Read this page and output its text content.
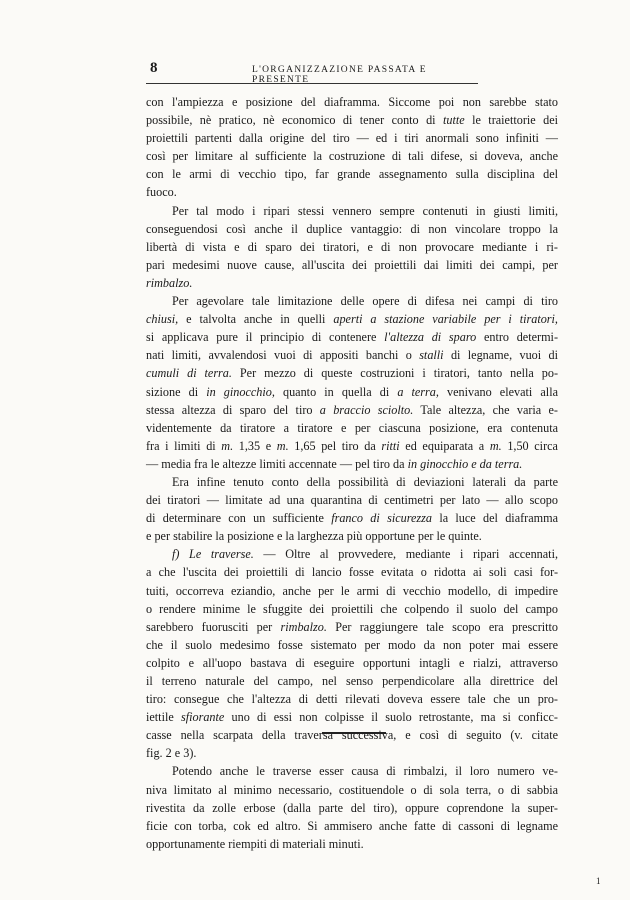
8	L'ORGANIZZAZIONE PASSATA E PRESENTE
con l'ampiezza e posizione del diaframma. Siccome poi non sarebbe stato
possibile, nè pratico, nè economico di tener conto di tutte le traiettorie dei
proiettili partenti dalla origine del tiro — ed i tiri anormali sono infiniti —
così per limitare al sufficiente la costruzione di tali difese, si doveva, anche
con le armi di vecchio tipo, far grande assegnamento sulla disciplina del
fuoco.
Per tal modo i ripari stessi vennero sempre contenuti in giusti limiti,
conseguendosi così anche il duplice vantaggio: di non vincolare troppo la
libertà di vista e di sparo dei tiratori, e di non provocare mediante i ri-
pari medesimi nuove cause, all'uscita dei proiettili dai limiti dei campi, per
rimbalzo.
Per agevolare tale limitazione delle opere di difesa nei campi di tiro
chiusi, e talvolta anche in quelli aperti a stazione variabile per i tiratori,
si applicava pure il principio di contenere l'altezza di sparo entro determi-
nati limiti, avvalendosi vuoi di appositi banchi o stalli di legname, vuoi di
cumuli di terra. Per mezzo di queste costruzioni i tiratori, tanto nella po-
sizione di in ginocchio, quanto in quella di a terra, venivano elevati alla
stessa altezza di sparo del tiro a braccio sciolto. Tale altezza, che varia e-
videntemente da tiratore a tiratore e per ciascuna posizione, era contenuta
fra i limiti di m. 1,35 e m. 1,65 pel tiro da ritti ed equiparata a m. 1,50 circa
— media fra le altezze limiti accennate — pel tiro da in ginocchio e da terra.
Era infine tenuto conto della possibilità di deviazioni laterali da parte
dei tiratori — limitate ad una quarantina di centimetri per lato — allo scopo
di determinare con un sufficiente franco di sicurezza la luce del diaframma
e per stabilire la posizione e la larghezza più opportune per le quinte.
f) Le traverse. — Oltre al provvedere, mediante i ripari accennati,
a che l'uscita dei proiettili di lancio fosse evitata o ridotta ai soli casi for-
tuiti, occorreva eziandio, anche per le armi di vecchio modello, di impedire
o rendere minime le sfuggite dei proiettili che colpendo il suolo del campo
sarebbero fuorusciti per rimbalzo. Per raggiungere tale scopo era prescritto
che il suolo medesimo fosse sistemato per modo da non poter mai essere
colpito e all'uopo bastava di eseguire opportuni intagli e rialzi, attraverso
il terreno naturale del campo, nel senso perpendicolare alla direttrice del
tiro: consegue che l'altezza di detti rilevati doveva essere tale che un pro-
iettile sfiorante uno di essi non colpisse il suolo retrostante, ma si conficc-
casse nella scarpata della traversa successiva, e così di seguito (v. citate
fig. 2 e 3).
Potendo anche le traverse esser causa di rimbalzi, il loro numero ve-
niva limitato al minimo necessario, costituendole o di sola terra, o di sabbia
rivestita da zolle erbose (dalla parte del tiro), oppure coprendone la super-
ficie con torba, cok ed altro. Si ammisero anche fatte di cassoni di legname
opportunamente riempiti di materiali minuti.
1
